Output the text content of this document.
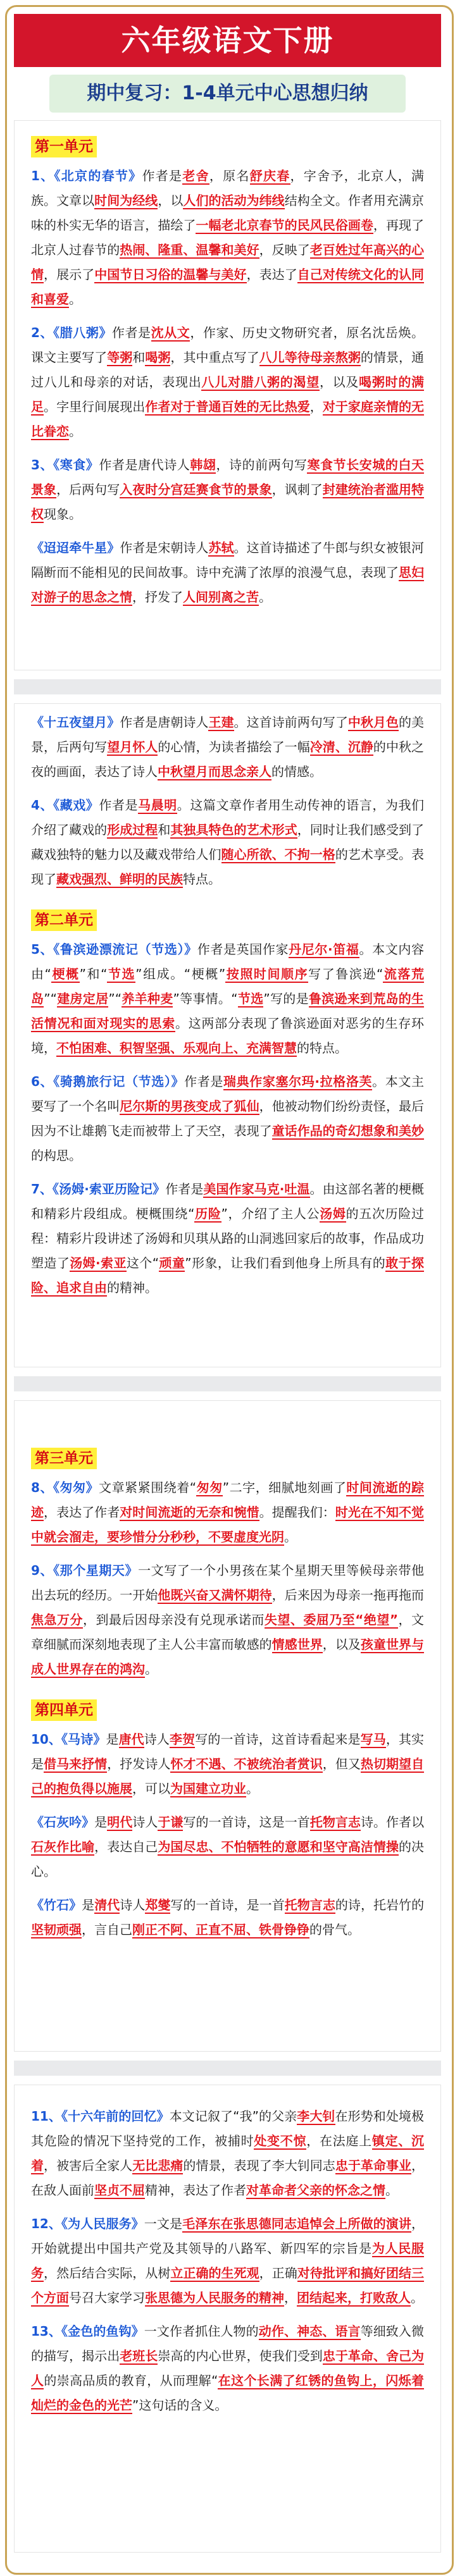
六年级语文下册
期中复习：1-4单元中心思想归纳
第一单元

1、《北京的春节》作者是老舍，原名舒庆春，字舍予，北京人，满族。文章以时间为经线，以人们的活动为纬线结构全文。作者用充满京味的朴实无华的语言，描绘了一幅老北京春节的民风民俗画卷，再现了北京人过春节的热闹、隆重、温馨和美好，反映了老百姓过年高兴的心情，展示了中国节日习俗的温馨与美好，表达了自己对传统文化的认同和喜爱。

2、《腊八粥》作者是沈从文，作家、历史文物研究者，原名沈岳焕。课文主要写了等粥和喝粥，其中重点写了八儿等待母亲熬粥的情景，通过八儿和母亲的对话，表现出八儿对腊八粥的渴望，以及喝粥时的满足。字里行间展现出作者对于普通百姓的无比热爱，对于家庭亲情的无比眷恋。

3、《寒食》作者是唐代诗人韩翃，诗的前两句写寒食节长安城的白天景象，后两句写入夜时分宫廷赛食节的景象，讽刺了封建统治者滥用特权现象。

《迢迢牵牛星》作者是宋朝诗人苏轼。这首诗描述了牛郎与织女被银河隔断而不能相见的民间故事。诗中充满了浓厚的浪漫气息，表现了思妇对游子的思念之情，抒发了人间别离之苦。

《十五夜望月》作者是唐朝诗人王建。这首诗前两句写了中秋月色的美景，后两句写望月怀人的心情，为读者描绘了一幅冷清、沉静的中秋之夜的画面，表达了诗人中秋望月而思念亲人的情感。

4、《藏戏》作者是马晨明。这篇文章作者用生动传神的语言，为我们介绍了藏戏的形成过程和其独具特色的艺术形式，同时让我们感受到了藏戏独特的魅力以及藏戏带给人们随心所欲、不拘一格的艺术享受。表现了藏戏强烈、鲜明的民族特点。

第二单元

5、《鲁滨逊漂流记（节选）》作者是英国作家丹尼尔·笛福。本文内容由“梗概”和“节选”组成。“梗概”按照时间顺序写了鲁滨逊“流落荒岛”“建房定居”“养羊种麦”等事情。“节选”写的是鲁滨逊来到荒岛的生活情况和面对现实的思索。这两部分表现了鲁滨逊面对恶劣的生存环境，不怕困难、积智坚强、乐观向上、充满智慧的特点。

6、《骑鹅旅行记（节选）》作者是瑞典作家塞尔玛·拉格洛芙。本文主要写了一个名叫尼尔斯的男孩变成了狐仙，他被动物们纷纷责怪，最后因为不让雄鹅飞走而被带上了天空，表现了童话作品的奇幻想象和美妙的构思。

7、《汤姆·索亚历险记》作者是美国作家马克·吐温。由这部名著的梗概和精彩片段组成。梗概围绕“历险”，介绍了主人公汤姆的五次历险过程：精彩片段讲述了汤姆和贝琪从路的山洞逃回家后的故事，作品成功塑造了汤姆·索亚这个“顽童”形象，让我们看到他身上所具有的敢于探险、追求自由的精神。

第三单元

8、《匆匆》文章紧紧围绕着“匆匆”二字，细腻地刻画了时间流逝的踪迹，表达了作者对时间流逝的无奈和惋惜。提醒我们：时光在不知不觉中就会溜走，要珍惜分分秒秒，不要虚度光阴。

9、《那个星期天》一文写了一个小男孩在某个星期天里等候母亲带他出去玩的经历。一开始他既兴奋又满怀期待，后来因为母亲一拖再拖而焦急万分，到最后因母亲没有兑现承诺而失望、委屈乃至“绝望”，文章细腻而深刻地表现了主人公丰富而敏感的情感世界，以及孩童世界与成人世界存在的鸿沟。

第四单元

10、《马诗》是唐代诗人李贺写的一首诗，这首诗看起来是写马，其实是借马来抒情，抒发诗人怀才不遇、不被统治者赏识，但又热切期望自己的抱负得以施展，可以为国建立功业。

《石灰吟》是明代诗人于谦写的一首诗，这是一首托物言志诗。作者以石灰作比喻，表达自己为国尽忠、不怕牺牲的意愿和坚守高洁情操的决心。

《竹石》是清代诗人郑燮写的一首诗，是一首托物言志的诗，托岩竹的坚韧顽强，言自己刚正不阿、正直不屈、铁骨铮铮的骨气。

11、《十六年前的回忆》本文记叙了“我”的父亲李大钊在形势和处境极其危险的情况下坚持党的工作，被捕时处变不惊，在法庭上镇定、沉着，被害后全家人无比悲痛的情景，表现了李大钊同志忠于革命事业，在敌人面前坚贞不屈精神，表达了作者对革命者父亲的怀念之情。

12、《为人民服务》一文是毛泽东在张思德同志追悼会上所做的演讲，开始就提出中国共产党及其领导的八路军、新四军的宗旨是为人民服务，然后结合实际，从树立正确的生死观，正确对待批评和搞好团结三个方面号召大家学习张思德为人民服务的精神，团结起来，打败敌人。

13、《金色的鱼钩》一文作者抓住人物的动作、神态、语言等细致入微的描写，揭示出老班长崇高的内心世界，使我们受到忠于革命、舍己为人的崇高品质的教育，从而理解“在这个长满了红锈的鱼钩上，闪烁着灿烂的金色的光芒”这句话的含义。
